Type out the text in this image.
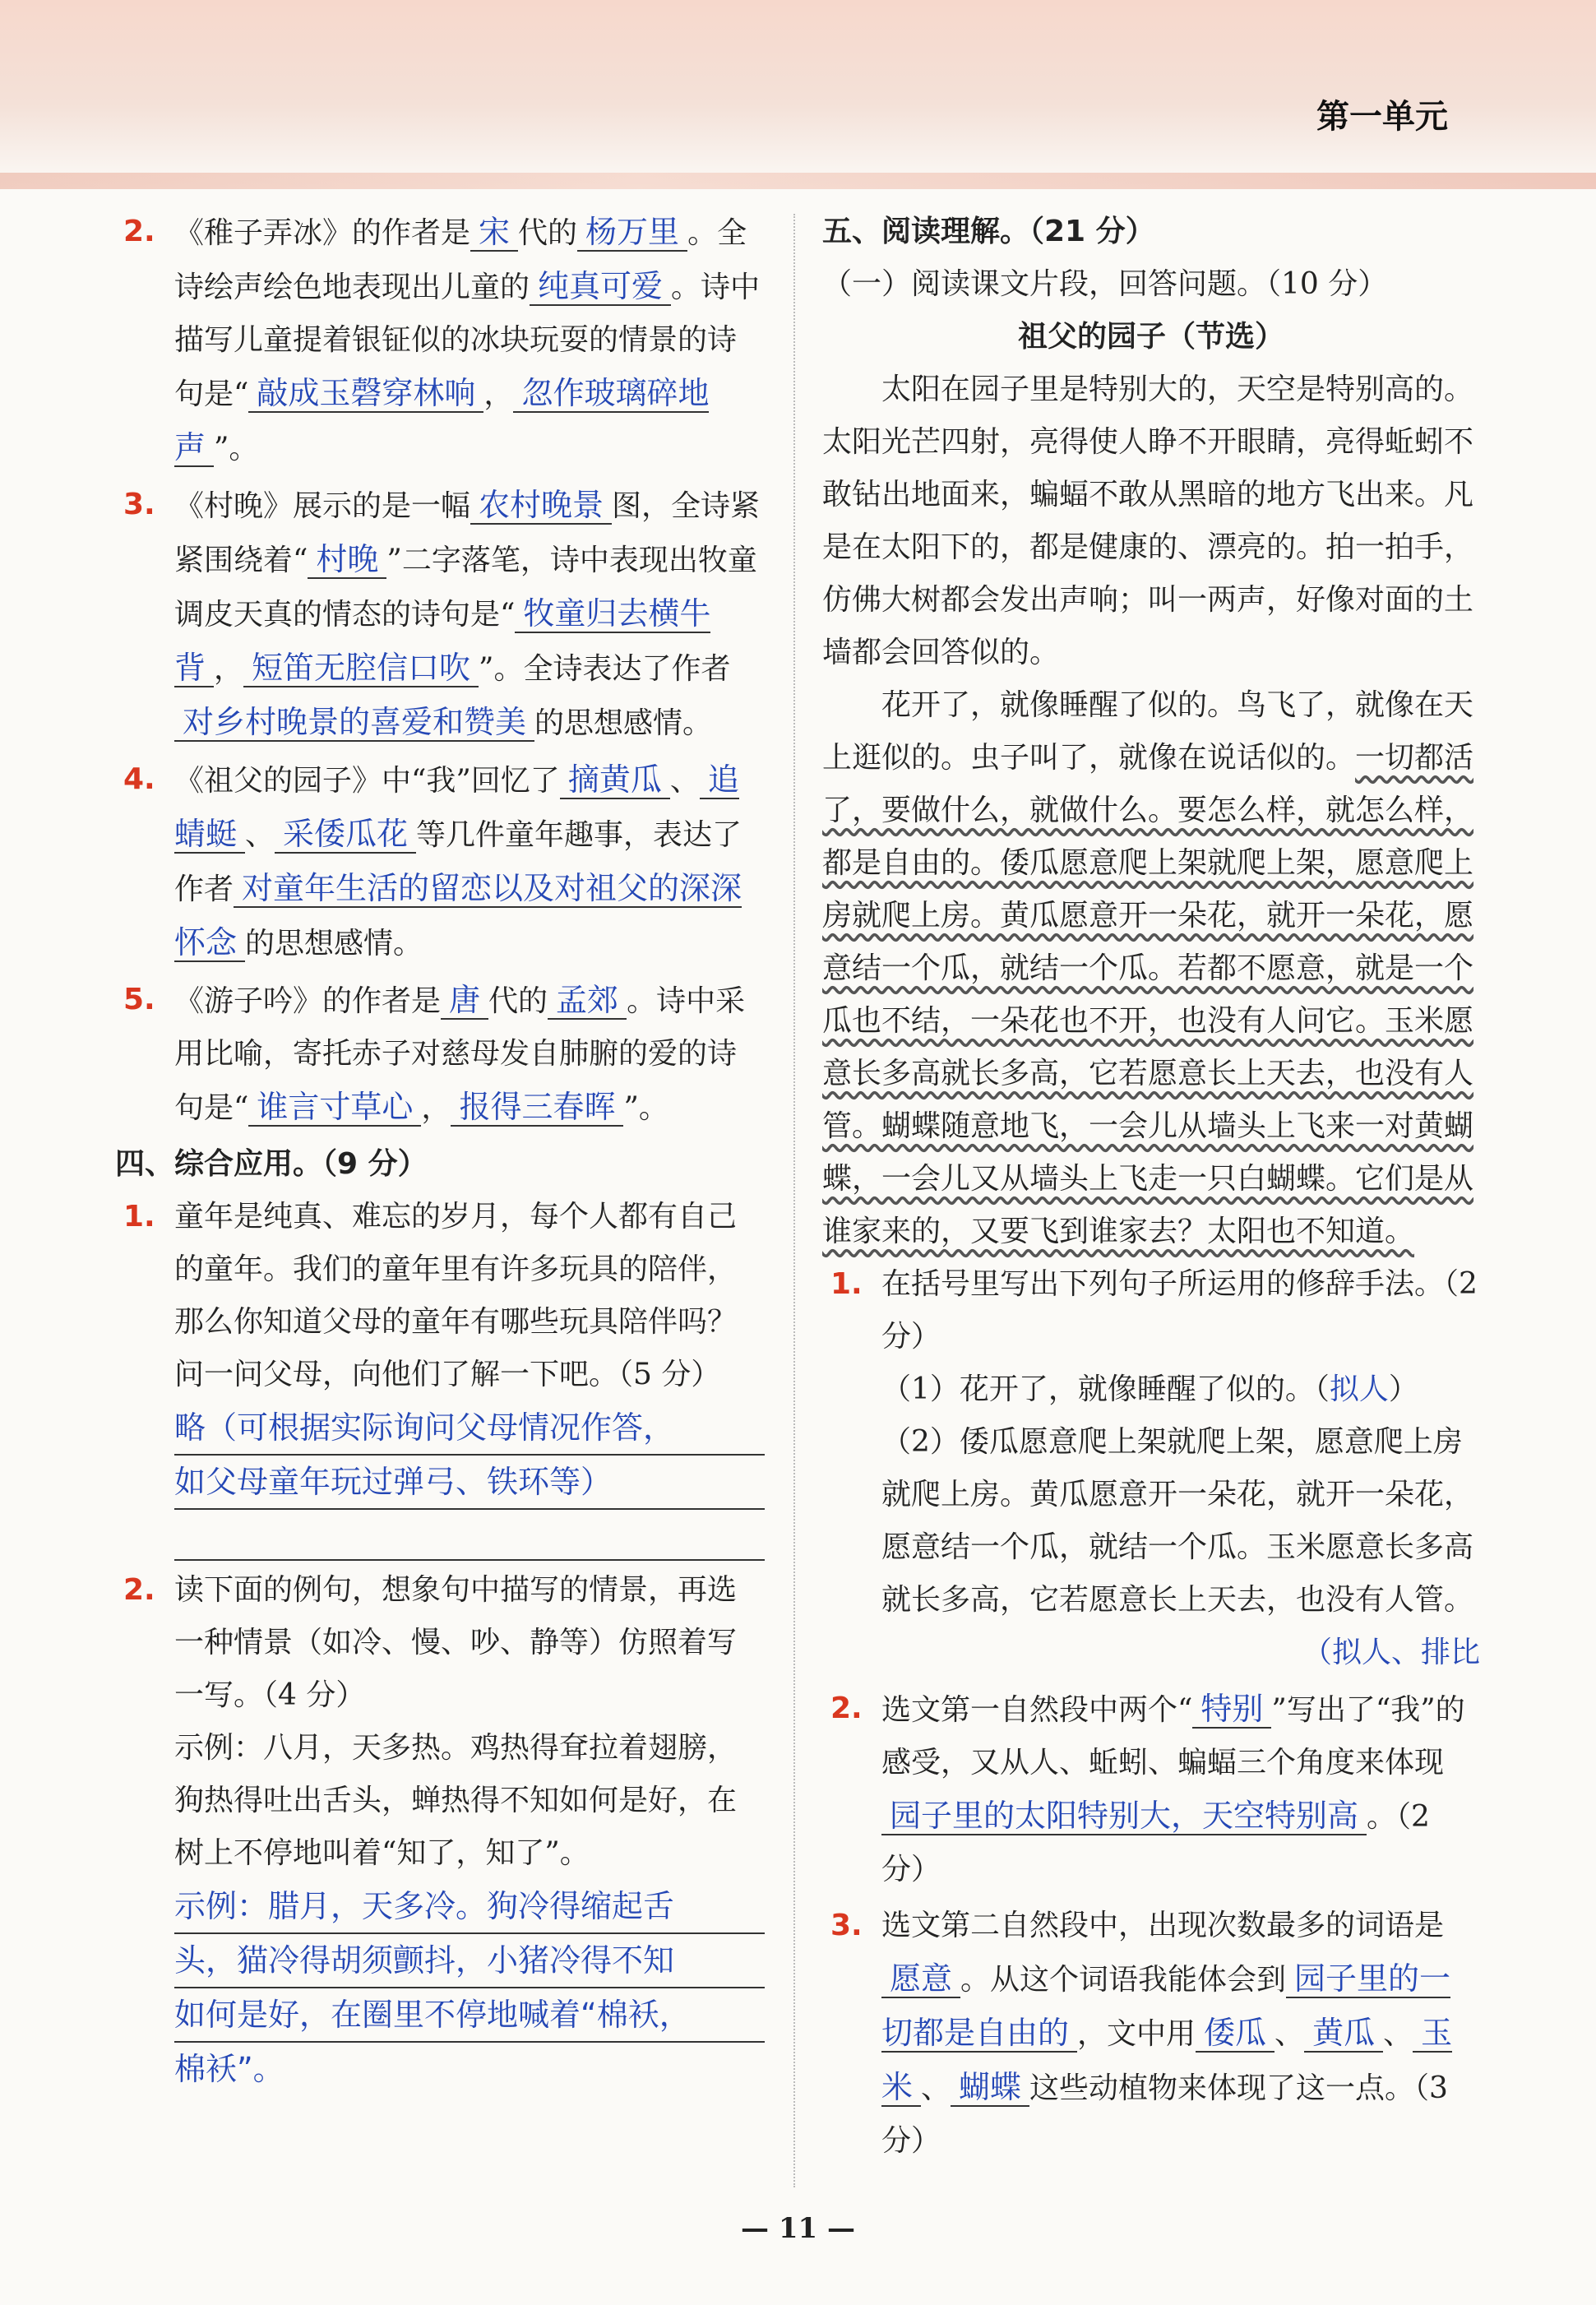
第一单元
2. 《稚子弄冰》的作者是 宋 代的 杨万里 。全诗绘声绘色地表现出儿童的 纯真可爱 。诗中描写儿童提着银钲似的冰块玩耍的情景的诗句是“ 敲成玉磬穿林响 ， 忽作玻璃碎地声 ”。
3. 《村晚》展示的是一幅 农村晚景 图，全诗紧紧围绕着“ 村晚 ”二字落笔，诗中表现出牧童调皮天真的情态的诗句是“ 牧童归去横牛背 ， 短笛无腔信口吹 ”。全诗表达了作者对乡村晚景的喜爱和赞美 的思想感情。
4. 《祖父的园子》中“我”回忆了 摘黄瓜 、 追蜻蜓 、 采倭瓜花 等几件童年趣事，表达了作者 对童年生活的留恋以及对祖父的深深怀念 的思想感情。
5. 《游子吟》的作者是 唐 代的 孟郊 。诗中采用比喻，寄托赤子对慈母发自肺腑的爱的诗句是“ 谁言寸草心 ， 报得三春晖 ”。

四、综合应用。（9 分）

1. 童年是纯真、难忘的岁月，每个人都有自己的童年。我们的童年里有许多玩具的陪伴，那么你知道父母的童年有哪些玩具陪伴吗？问一问父母，向他们了解一下吧。（5 分）
略（可根据实际询问父母情况作答，
如父母童年玩过弹弓、铁环等）
2. 读下面的例句，想象句中描写的情景，再选一种情景（如冷、慢、吵、静等）仿照着写一写。（4 分）

示例：八月，天多热。鸡热得耷拉着翅膀，狗热得吐出舌头，蝉热得不知如何是好，在树上不停地叫着“知了，知了”。

示例：腊月，天多冷。狗冷得缩起舌
头，猫冷得胡须颤抖，小猪冷得不知
如何是好，在圈里不停地喊着“棉袄，
棉袄”。

五、阅读理解。（21 分）

（一）阅读课文片段，回答问题。（10 分）

祖父的园子（节选）

太阳在园子里是特别大的，天空是特别高的。太阳光芒四射，亮得使人睁不开眼睛，亮得蚯蚓不敢钻出地面来，蝙蝠不敢从黑暗的地方飞出来。凡是在太阳下的，都是健康的、漂亮的。拍一拍手，仿佛大树都会发出声响；叫一两声，好像对面的土墙都会回答似的。

花开了，就像睡醒了似的。鸟飞了，就像在天上逛似的。虫子叫了，就像在说话似的。一切都活了，要做什么，就做什么。要怎么样，就怎么样，都是自由的。倭瓜愿意爬上架就爬上架，愿意爬上房就爬上房。黄瓜愿意开一朵花，就开一朵花，愿意结一个瓜，就结一个瓜。若都不愿意，就是一个瓜也不结，一朵花也不开，也没有人问它。玉米愿意长多高就长多高，它若愿意长上天去，也没有人管。蝴蝶随意地飞，一会儿从墙头上飞来一对黄蝴蝶，一会儿又从墙头上飞走一只白蝴蝶。它们是从谁家来的，又要飞到谁家去？太阳也不知道。

1. 在括号里写出下列句子所运用的修辞手法。（2 分）

（1）花开了，就像睡醒了似的。（拟人）

（2）倭瓜愿意爬上架就爬上架，愿意爬上房就爬上房。黄瓜愿意开一朵花，就开一朵花，愿意结一个瓜，就结一个瓜。玉米愿意长多高就长多高，它若愿意长上天去，也没有人管。

（拟人、排比

2. 选文第一自然段中两个“ 特别 ”写出了“我”的感受，又从人、蚯蚓、蝙蝠三个角度来体现园子里的太阳特别大，天空特别高 。（2 分）
3. 选文第二自然段中，出现次数最多的词语是愿意 。从这个词语我能体会到 园子里的一切都是自由的 ，文中用 倭瓜 、 黄瓜 、 玉米 、 蝴蝶 这些动植物来体现了这一点。（3 分）
— 11 —
